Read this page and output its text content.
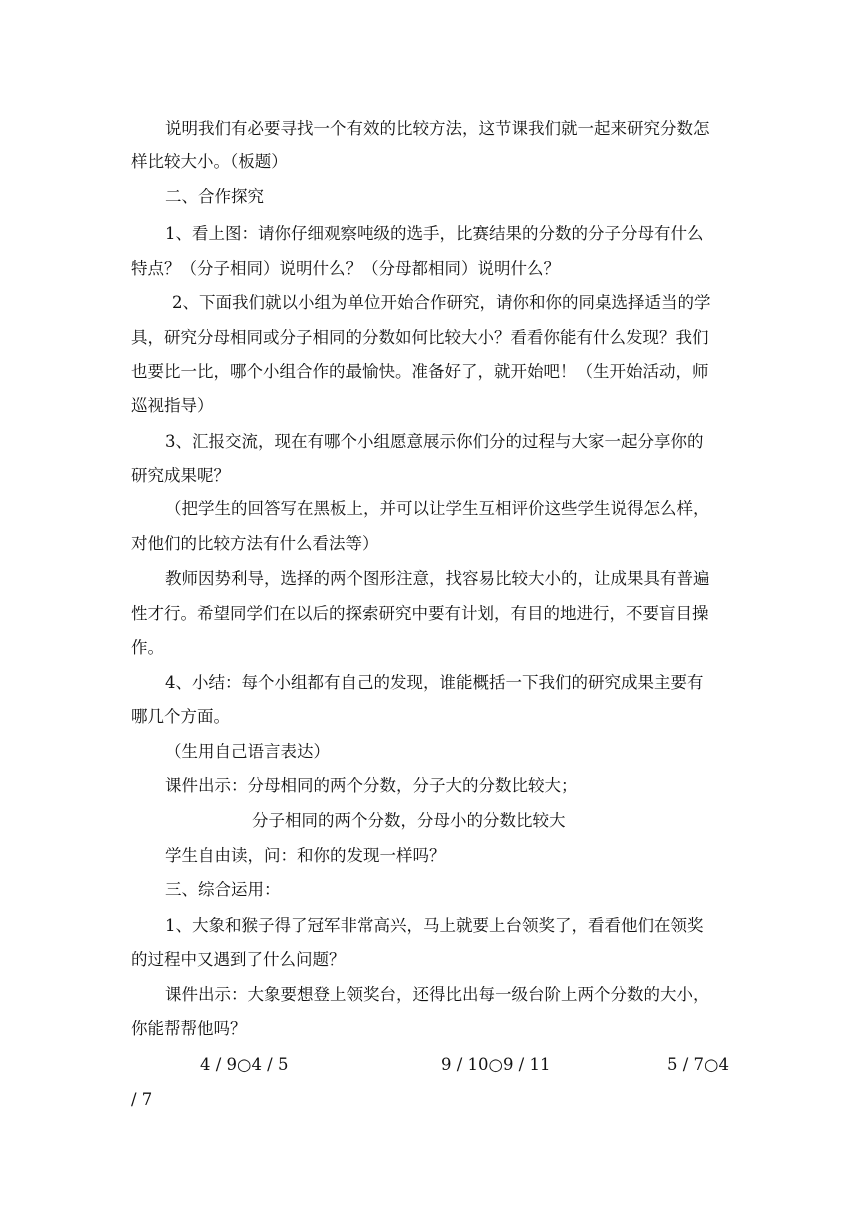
说明我们有必要寻找一个有效的比较方法，这节课我们就一起来研究分数怎
样比较大小。（板题）
二、合作探究
1、看上图：请你仔细观察吨级的选手，比赛结果的分数的分子分母有什么
特点？（分子相同）说明什么？（分母都相同）说明什么？
2、下面我们就以小组为单位开始合作研究，请你和你的同桌选择适当的学
具，研究分母相同或分子相同的分数如何比较大小？看看你能有什么发现？我们
也要比一比，哪个小组合作的最愉快。准备好了，就开始吧！（生开始活动，师
巡视指导）
3、汇报交流，现在有哪个小组愿意展示你们分的过程与大家一起分享你的
研究成果呢？
（把学生的回答写在黑板上，并可以让学生互相评价这些学生说得怎么样，
对他们的比较方法有什么看法等）
教师因势利导，选择的两个图形注意，找容易比较大小的，让成果具有普遍
性才行。希望同学们在以后的探索研究中要有计划，有目的地进行，不要盲目操
作。
4、小结：每个小组都有自己的发现，谁能概括一下我们的研究成果主要有
哪几个方面。
（生用自己语言表达）
课件出示：分母相同的两个分数，分子大的分数比较大；
分子相同的两个分数，分母小的分数比较大
学生自由读，问：和你的发现一样吗？
三、综合运用：
1、大象和猴子得了冠军非常高兴，马上就要上台领奖了，看看他们在领奖
的过程中又遇到了什么问题？
课件出示：大象要想登上领奖台，还得比出每一级台阶上两个分数的大小，
你能帮帮他吗？
4 / 9○4 / 5	9 / 10○9 / 11	5 / 7○4
/ 7
